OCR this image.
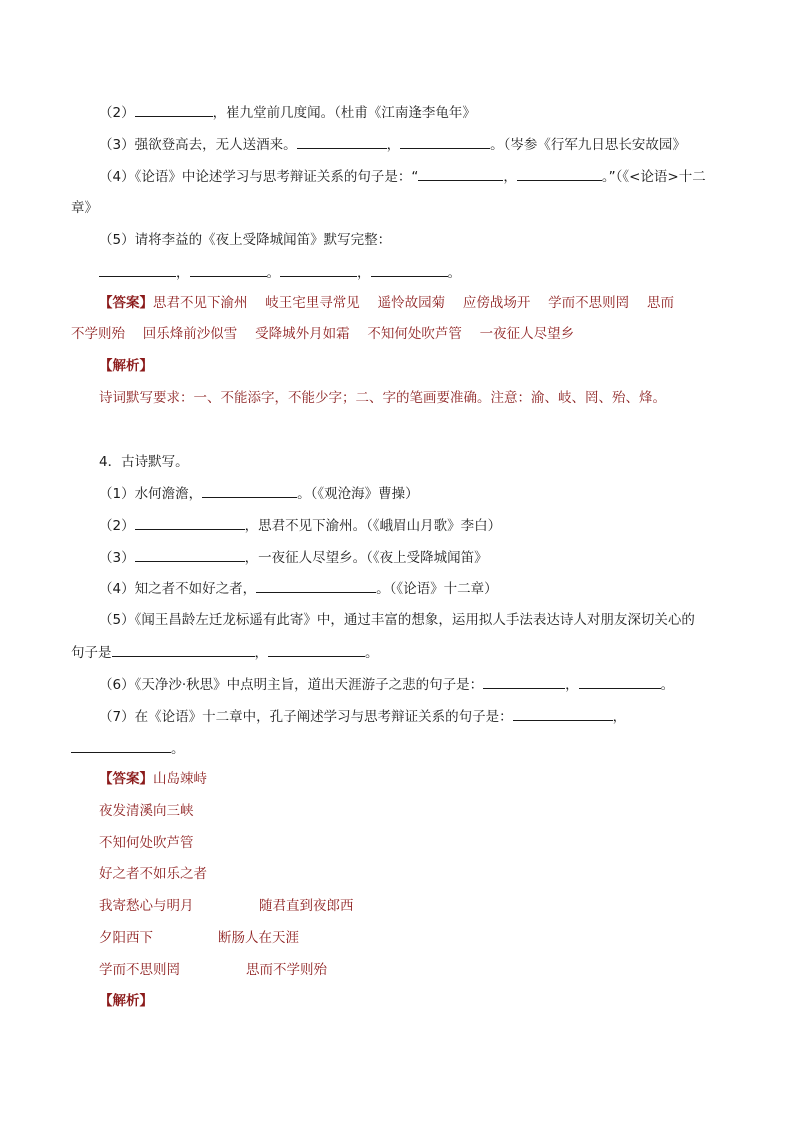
（2）	，崔九堂前几度闻。（杜甫《江南逢李龟年》
（3）强欲登高去，无人送酒来。	，	。（岑参《行军九日思长安故园》
（4）《论语》中论述学习与思考辩证关系的句子是：“	，	。”（《<论语>十二
章》
（5）请将李益的《夜上受降城闻笛》默写完整：
，	。	，	。
【答案】思君不见下渝州　 岐王宅里寻常见　 遥怜故园菊　 应傍战场开　 学而不思则罔　 思而
不学则殆　 回乐烽前沙似雪　 受降城外月如霜　 不知何处吹芦管　 一夜征人尽望乡
【解析】
诗词默写要求：一、不能添字，不能少字；二、字的笔画要准确。注意：渝、岐、罔、殆、烽。
4．古诗默写。
（1）水何澹澹，	。（《观沧海》曹操）
（2）	，思君不见下渝州。（《峨眉山月歌》李白）
（3）	，一夜征人尽望乡。（《夜上受降城闻笛》
（4）知之者不如好之者，	。（《论语》十二章）
（5）《闻王昌龄左迁龙标遥有此寄》中，通过丰富的想象，运用拟人手法表达诗人对朋友深切关心的
句子是	，	。
（6）《天净沙·秋思》中点明主旨，道出天涯游子之悲的句子是：	，	。
（7）在《论语》十二章中，孔子阐述学习与思考辩证关系的句子是：	，
。
【答案】山岛竦峙
夜发清溪向三峡
不知何处吹芦管
好之者不如乐之者
我寄愁心与明月	随君直到夜郎西
夕阳西下	断肠人在天涯
学而不思则罔	思而不学则殆
【解析】
